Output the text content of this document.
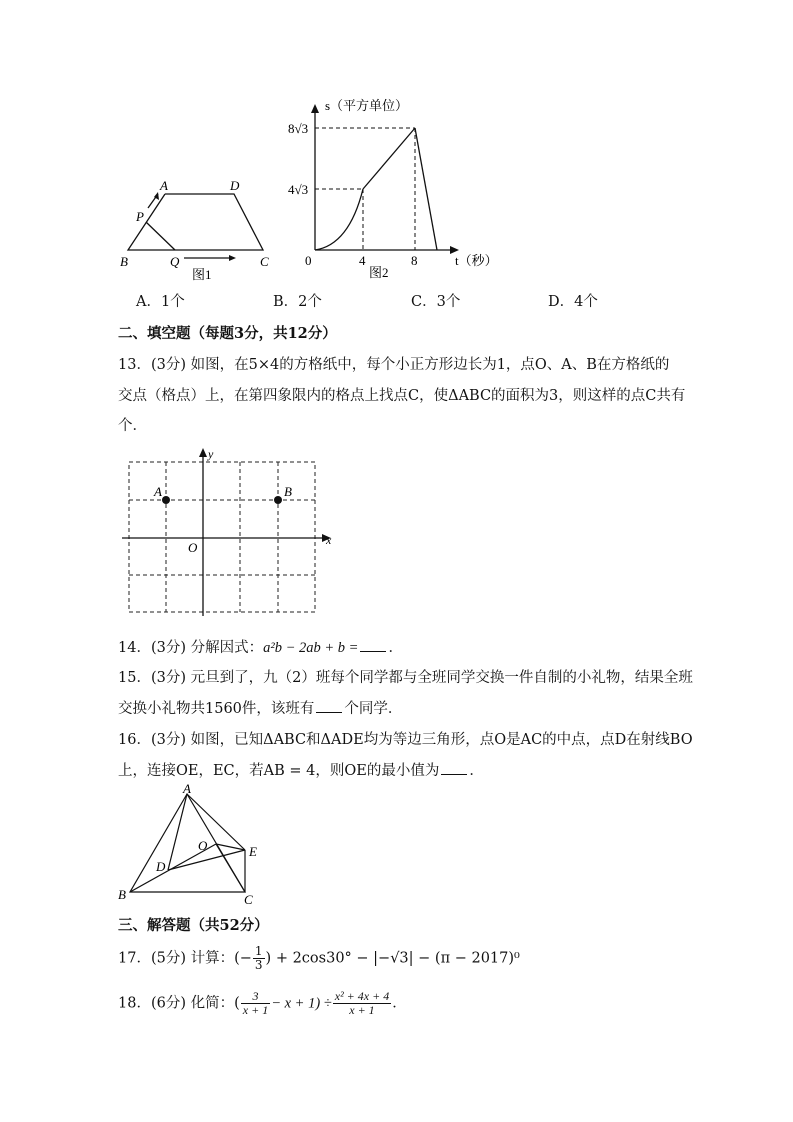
A	D
P
B	Q	C
图1
s（平方单位）
8√3
4√3
0	4	8	t（秒）
图2
A．1个	B．2个	C．3个	D．4个
二、填空题（每题3分，共12分）
13．(3分) 如图，在5×4的方格纸中，每个小正方形边长为1，点O、A、B在方格纸的
交点（格点）上，在第四象限内的格点上找点C，使ΔABC的面积为3，则这样的点C共有
个．
y
x
O
A	B
14．(3分) 分解因式：a²b − 2ab + b = ．
15．(3分) 元旦到了，九（2）班每个同学都与全班同学交换一件自制的小礼物，结果全班
交换小礼物共1560件，该班有 个同学．
16．(3分) 如图，已知ΔABC和ΔADE均为等边三角形，点O是AC的中点，点D在射线BO
上，连接OE，EC，若AB = 4，则OE的最小值为 ．
A
B	C
D
E
O
三、解答题（共52分）
17．(5分) 计算：(− $\frac{1}{3}$ ) + 2cos30° − |−√3| − (π − 2017)⁰
18．(6分) 化简：( $\frac{3}{x + 1} - x + 1) \div \frac{\text{x² + 4x + 4}}{x + 1}$ ．
